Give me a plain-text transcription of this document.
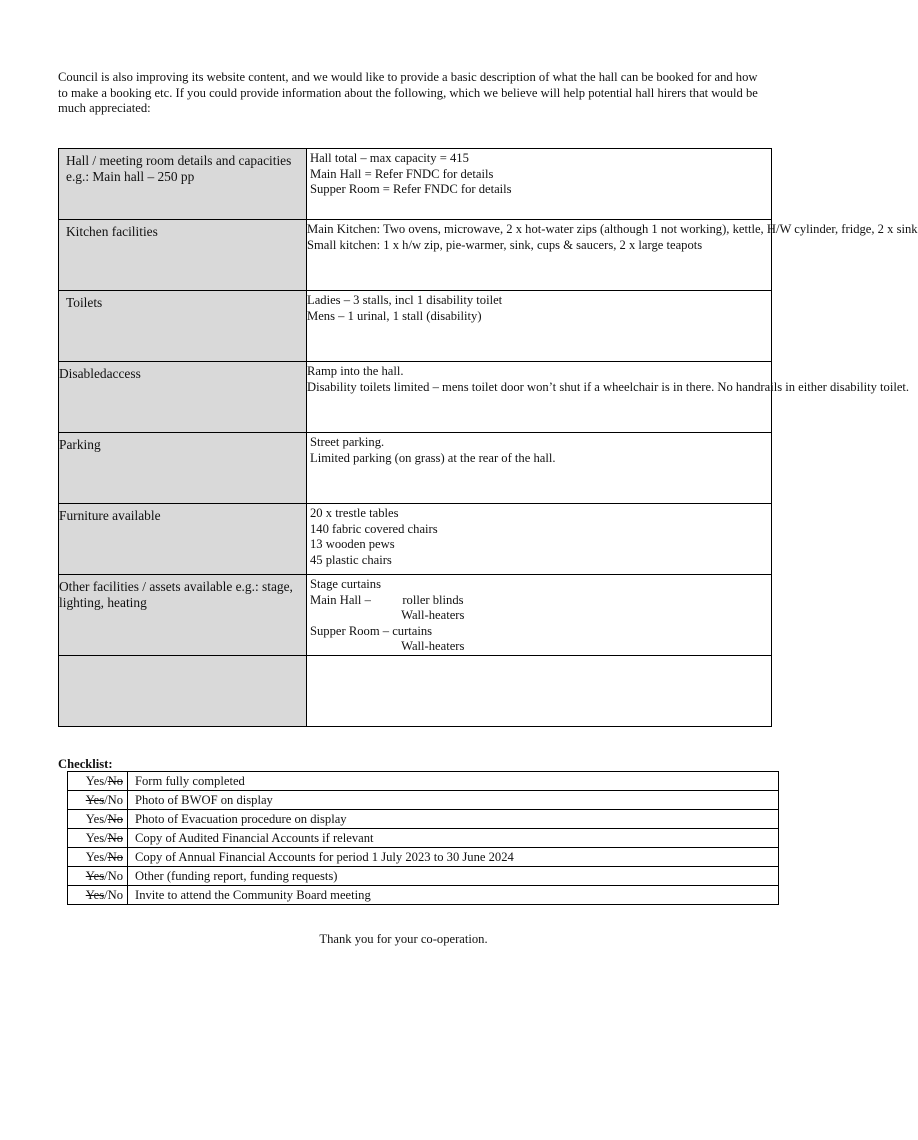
Council is also improving its website content, and we would like to provide a basic description of what the hall can be booked for and how to make a booking etc. If you could provide information about the following, which we believe will help potential hall hirers that would be much appreciated:

Hall / meeting room details and capacities e.g.: Main hall – 250 pp	Hall total – max capacity = 415
Main Hall = Refer FNDC for details
Supper Room = Refer FNDC for details

Kitchen facilities	Main Kitchen: Two ovens, microwave, 2 x hot-water zips (although 1 not working), kettle, H/W cylinder, fridge, 2 x sink
Small kitchen: 1 x h/w zip, pie-warmer, sink, cups & saucers, 2 x large teapots

Toilets	Ladies – 3 stalls, incl 1 disability toilet
Mens – 1 urinal, 1 stall (disability)

Disabledaccess	Ramp into the hall.
Disability toilets limited – mens toilet door won’t shut if a wheelchair is in there. No handrails in either disability toilet.

Parking	Street parking.
Limited parking (on grass) at the rear of the hall.

Furniture available	20 x trestle tables
140 fabric covered chairs
13 wooden pews
45 plastic chairs

Other facilities / assets available e.g.: stage, lighting, heating	Stage curtains
Main Hall –          roller blinds
Wall-heaters
Supper Room – curtains
Wall-heaters

Checklist:
Yes/No	Form fully completed
Yes/No	Photo of BWOF on display
Yes/No	Photo of Evacuation procedure on display
Yes/No	Copy of Audited Financial Accounts if relevant
Yes/No	Copy of Annual Financial Accounts for period 1 July 2023 to 30 June 2024
Yes/No	Other (funding report, funding requests)
Yes/No	Invite to attend the Community Board meeting
Thank you for your co-operation.
